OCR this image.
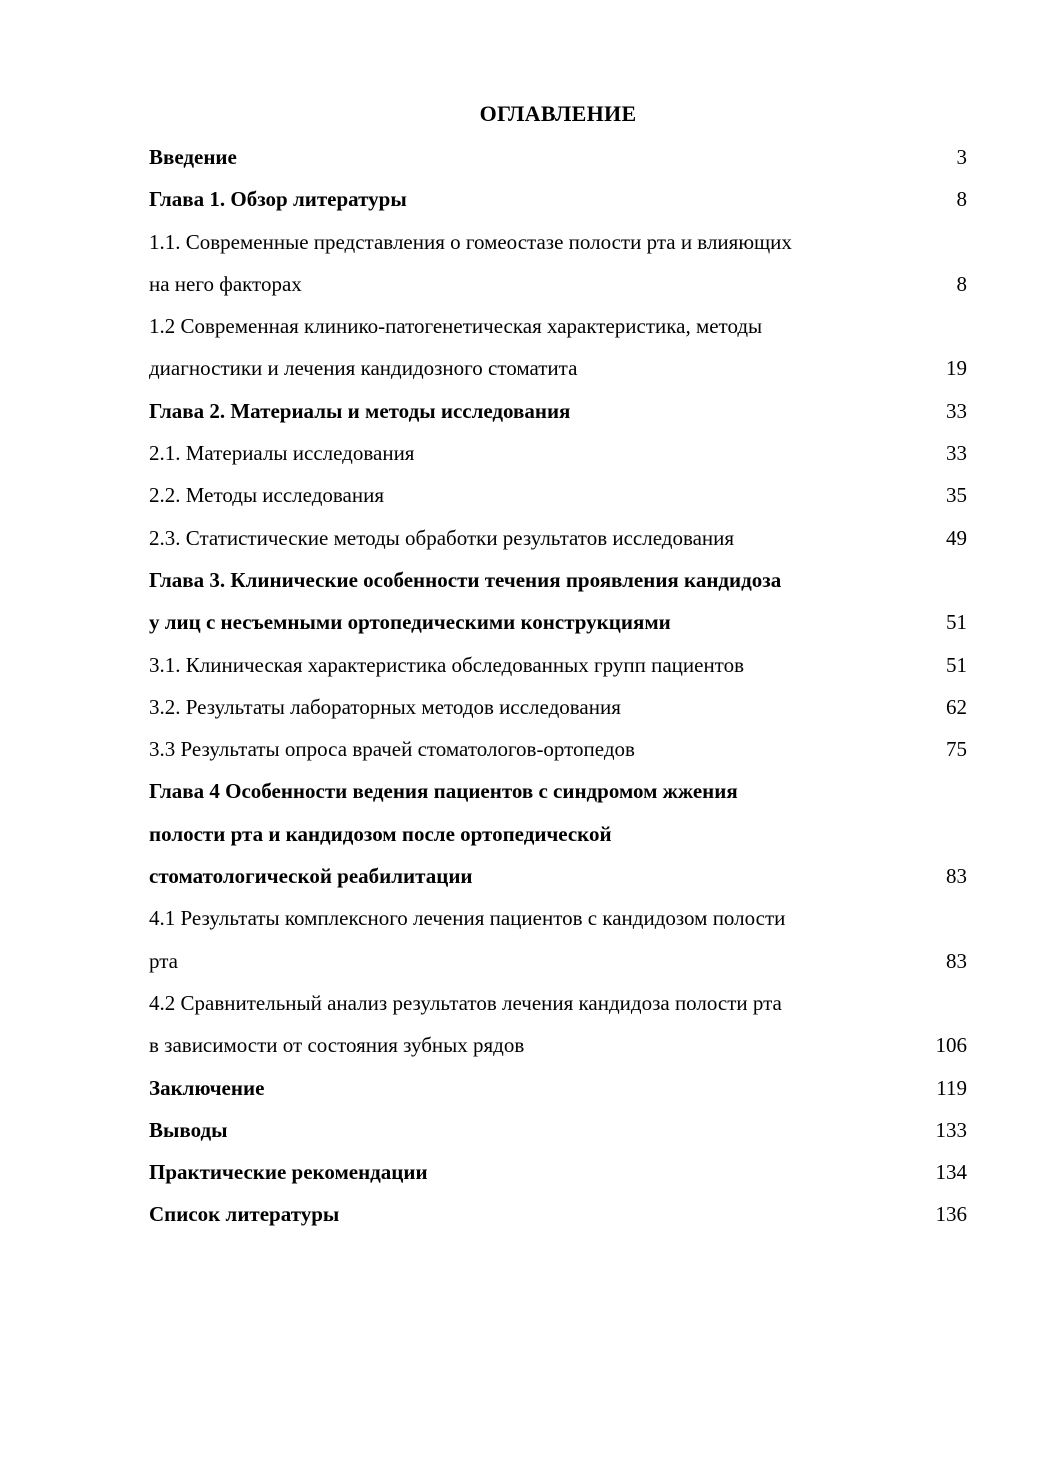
ОГЛАВЛЕНИЕ
Введение	3
Глава 1. Обзор литературы	8
1.1. Современные представления о гомеостазе полости рта и влияющих
на него факторах	8
1.2 Современная клинико-патогенетическая характеристика, методы
диагностики и лечения кандидозного стоматита	19
Глава 2. Материалы и методы исследования	33
2.1. Материалы исследования	33
2.2. Методы исследования	35
2.3. Статистические методы обработки результатов исследования	49
Глава 3. Клинические особенности течения проявления кандидоза
у лиц с несъемными ортопедическими конструкциями	51
3.1. Клиническая характеристика обследованных групп пациентов	51
3.2. Результаты лабораторных методов исследования	62
3.3 Результаты опроса врачей стоматологов-ортопедов	75
Глава 4 Особенности ведения пациентов с синдромом жжения
полости рта и кандидозом после ортопедической
стоматологической реабилитации	83
4.1 Результаты комплексного лечения пациентов с кандидозом полости
рта	83
4.2 Сравнительный анализ результатов лечения кандидоза полости рта
в зависимости от состояния зубных рядов	106
Заключение	119
Выводы	133
Практические рекомендации	134
Список литературы	136
